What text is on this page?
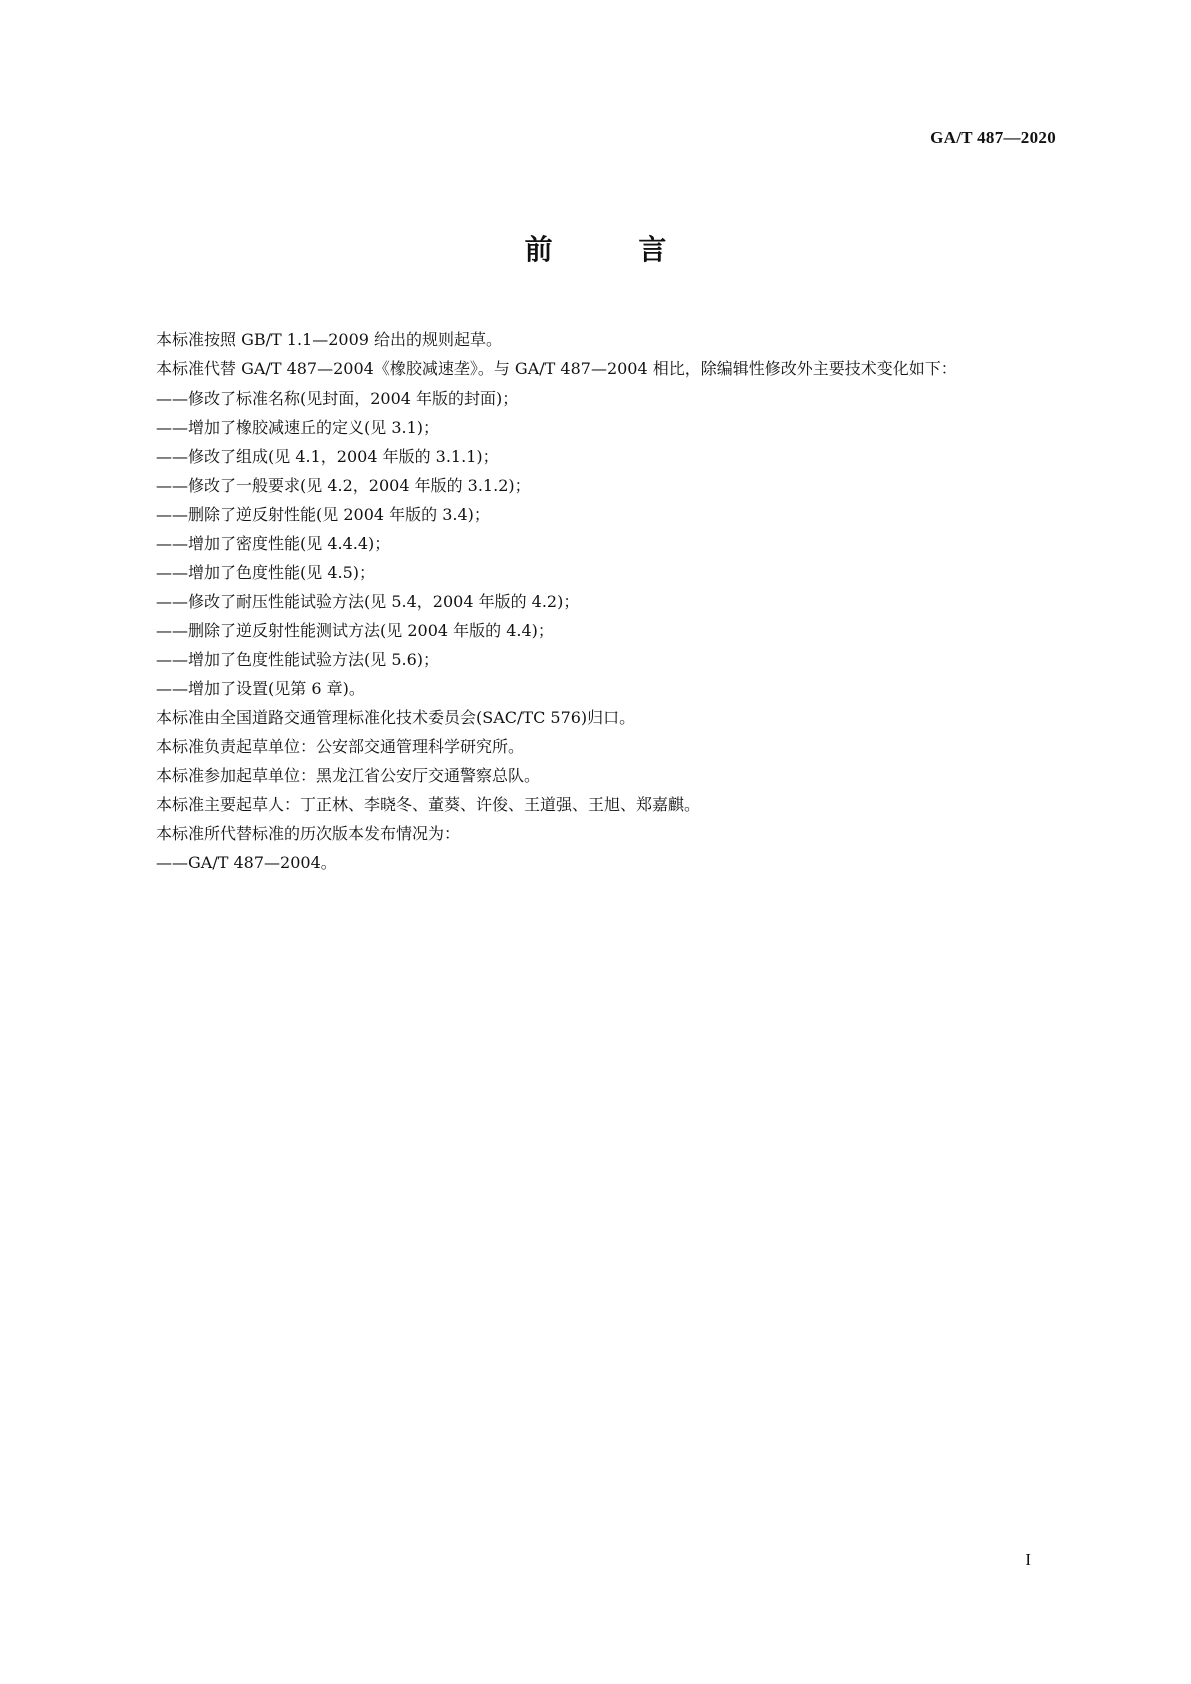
GA/T 487—2020
前 言

本标准按照 GB/T 1.1—2009 给出的规则起草。

本标准代替 GA/T 487—2004《橡胶减速垄》。与 GA/T 487—2004 相比，除编辑性修改外主要技术变化如下：

——修改了标准名称(见封面，2004 年版的封面)；
——增加了橡胶减速丘的定义(见 3.1)；
——修改了组成(见 4.1，2004 年版的 3.1.1)；
——修改了一般要求(见 4.2，2004 年版的 3.1.2)；
——删除了逆反射性能(见 2004 年版的 3.4)；
——增加了密度性能(见 4.4.4)；
——增加了色度性能(见 4.5)；
——修改了耐压性能试验方法(见 5.4，2004 年版的 4.2)；
——删除了逆反射性能测试方法(见 2004 年版的 4.4)；
——增加了色度性能试验方法(见 5.6)；
——增加了设置(见第 6 章)。

本标准由全国道路交通管理标准化技术委员会(SAC/TC 576)归口。

本标准负责起草单位：公安部交通管理科学研究所。

本标准参加起草单位：黑龙江省公安厅交通警察总队。

本标准主要起草人：丁正林、李晓冬、董葵、许俊、王道强、王旭、郑嘉麒。

本标准所代替标准的历次版本发布情况为：

——GA/T 487—2004。
I
